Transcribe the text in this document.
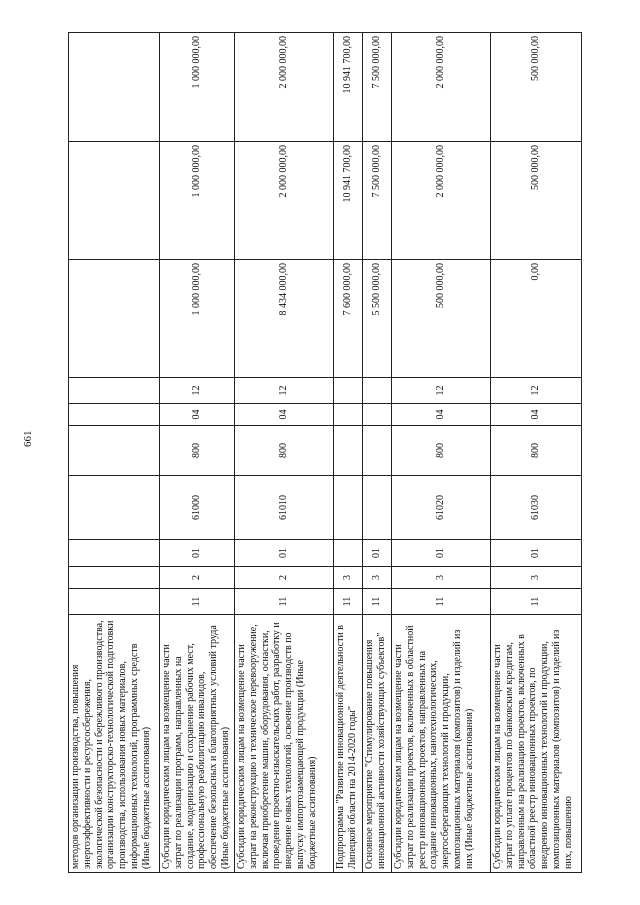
661
методов организации производства, повышения энергоэффективности и ресурсосбережения, экологической безопасности и бережливого производства, организации конструкторско-технологической подготовки производства, использования новых материалов, информационных технологий, программных средств (Иные бюджетные ассигнования)										
Субсидии юридическим лицам на возмещение части затрат по реализации программ, направленных на создание, модернизацию и сохранение рабочих мест, профессиональную реабилитацию инвалидов, обеспечение безопасных и благоприятных условий труда (Иные бюджетные ассигнования)	11	2	01	61000	800	04	12	1 000 000,00	1 000 000,00	1 000 000,00
Субсидии юридическим лицам на возмещение части затрат на реконструкцию и техническое перевооружение, включая приобретение машин, оборудования, оснастки, проведение проектно-изыскательских работ, разработку и внедрение новых технологий, освоение производств по выпуску импортозамещающей продукции (Иные бюджетные ассигнования)	11	2	01	61010	800	04	12	8 434 000,00	2 000 000,00	2 000 000,00
Подпрограмма "Развитие инновационной деятельности в Липецкой области на 2014-2020 годы"	11	3						7 600 000,00	10 941 700,00	10 941 700,00
Основное мероприятие "Стимулирование повышения инновационной активности хозяйствующих субъектов"	11	3	01					5 500 000,00	7 500 000,00	7 500 000,00
Субсидии юридическим лицам на возмещение части затрат по реализации проектов, включенных в областной реестр инновационных проектов, направленных на создание инновационных, нанотехнологических, энергосберегающих технологий и продукции, композиционных материалов (композитов) и изделий из них (Иные бюджетные ассигнования)	11	3	01	61020	800	04	12	500 000,00	2 000 000,00	2 000 000,00
Субсидии юридическим лицам на возмещение части затрат по уплате процентов по банковским кредитам, направленным на реализацию проектов, включенных в областной реестр инновационных проектов, по внедрению инновационных технологий и продукции, композиционных материалов (композитов) и изделий из них, повышению	11	3	01	61030	800	04	12	0,00	500 000,00	500 000,00
